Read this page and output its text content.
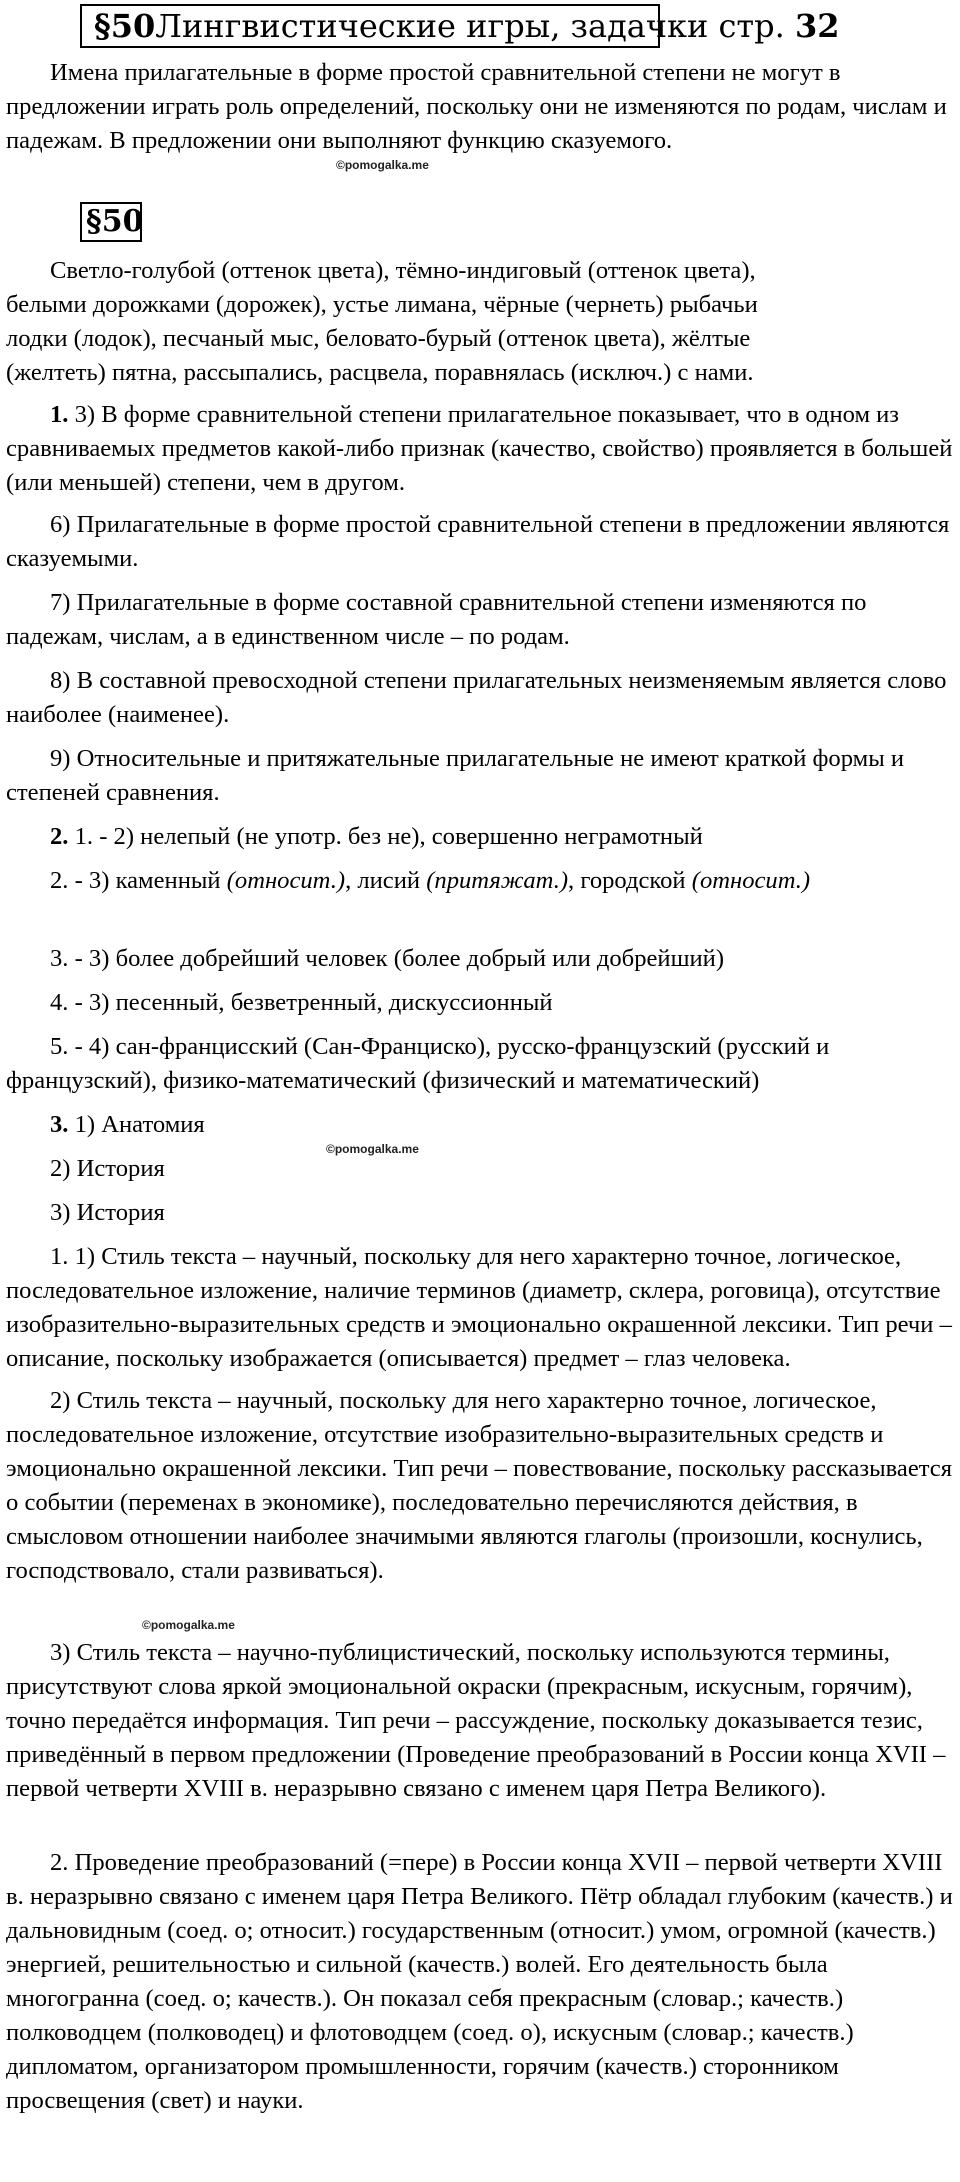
§50Лингвистические игры, задачки стр. 32
Имена прилагательные в форме простой сравнительной степени не могут в предложении играть роль определений, поскольку они не изменяются по родам, числам и падежам. В предложении они выполняют функцию сказуемого.
©pomogalka.me
§50
Светло-голубой (оттенок цвета), тёмно-индиговый (оттенок цвета),
белыми дорожками (дорожек), устье лимана, чёрные (чернеть) рыбачьи
лодки (лодок), песчаный мыс, беловато-бурый (оттенок цвета), жёлтые
(желтеть) пятна, рассыпались, расцвела, поравнялась (исключ.) с нами.
1. 3) В форме сравнительной степени прилагательное показывает, что в одном из сравниваемых предметов какой-либо признак (качество, свойство) проявляется в большей (или меньшей) степени, чем в другом.
6) Прилагательные в форме простой сравнительной степени в предложении являются сказуемыми.
7) Прилагательные в форме составной сравнительной степени изменяются по падежам, числам, а в единственном числе – по родам.
8) В составной превосходной степени прилагательных неизменяемым является слово наиболее (наименее).
9) Относительные и притяжательные прилагательные не имеют краткой формы и степеней сравнения.
2. 1. - 2) нелепый (не употр. без не), совершенно неграмотный
2. - 3) каменный (относит.), лисий (притяжат.), городской (относит.)
3. - 3) более добрейший человек (более добрый или добрейший)
4. - 3) песенный, безветренный, дискуссионный
5. - 4) сан-францисский (Сан-Франциско), русско-французский (русский и французский), физико-математический (физический и математический)
3. 1) Анатомия
©pomogalka.me
2) История
3) История
1. 1) Стиль текста – научный, поскольку для него характерно точное, логическое, последовательное изложение, наличие терминов (диаметр, склера, роговица), отсутствие изобразительно-выразительных средств и эмоционально окрашенной лексики. Тип речи – описание, поскольку изображается (описывается) предмет – глаз человека.
2) Стиль текста – научный, поскольку для него характерно точное, логическое, последовательное изложение, отсутствие изобразительно-выразительных средств и эмоционально окрашенной лексики. Тип речи – повествование, поскольку рассказывается о событии (переменах в экономике), последовательно перечисляются действия, в смысловом отношении наиболее значимыми являются глаголы (произошли, коснулись, господствовало, стали развиваться).
©pomogalka.me
3) Стиль текста – научно-публицистический, поскольку используются термины, присутствуют слова яркой эмоциональной окраски (прекрасным, искусным, горячим), точно передаётся информация. Тип речи – рассуждение, поскольку доказывается тезис, приведённый в первом предложении (Проведение преобразований в России конца XVII – первой четверти XVIII в. неразрывно связано с именем царя Петра Великого).
2. Проведение преобразований (=пере) в России конца XVII – первой четверти XVIII в. неразрывно связано с именем царя Петра Великого. Пётр обладал глубоким (качеств.) и дальновидным (соед. о; относит.) государственным (относит.) умом, огромной (качеств.) энергией, решительностью и сильной (качеств.) волей. Его деятельность была многогранна (соед. о; качеств.). Он показал себя прекрасным (словар.; качеств.) полководцем (полководец) и флотоводцем (соед. о), искусным (словар.; качеств.) дипломатом, организатором промышленности, горячим (качеств.) сторонником просвещения (свет) и науки.
